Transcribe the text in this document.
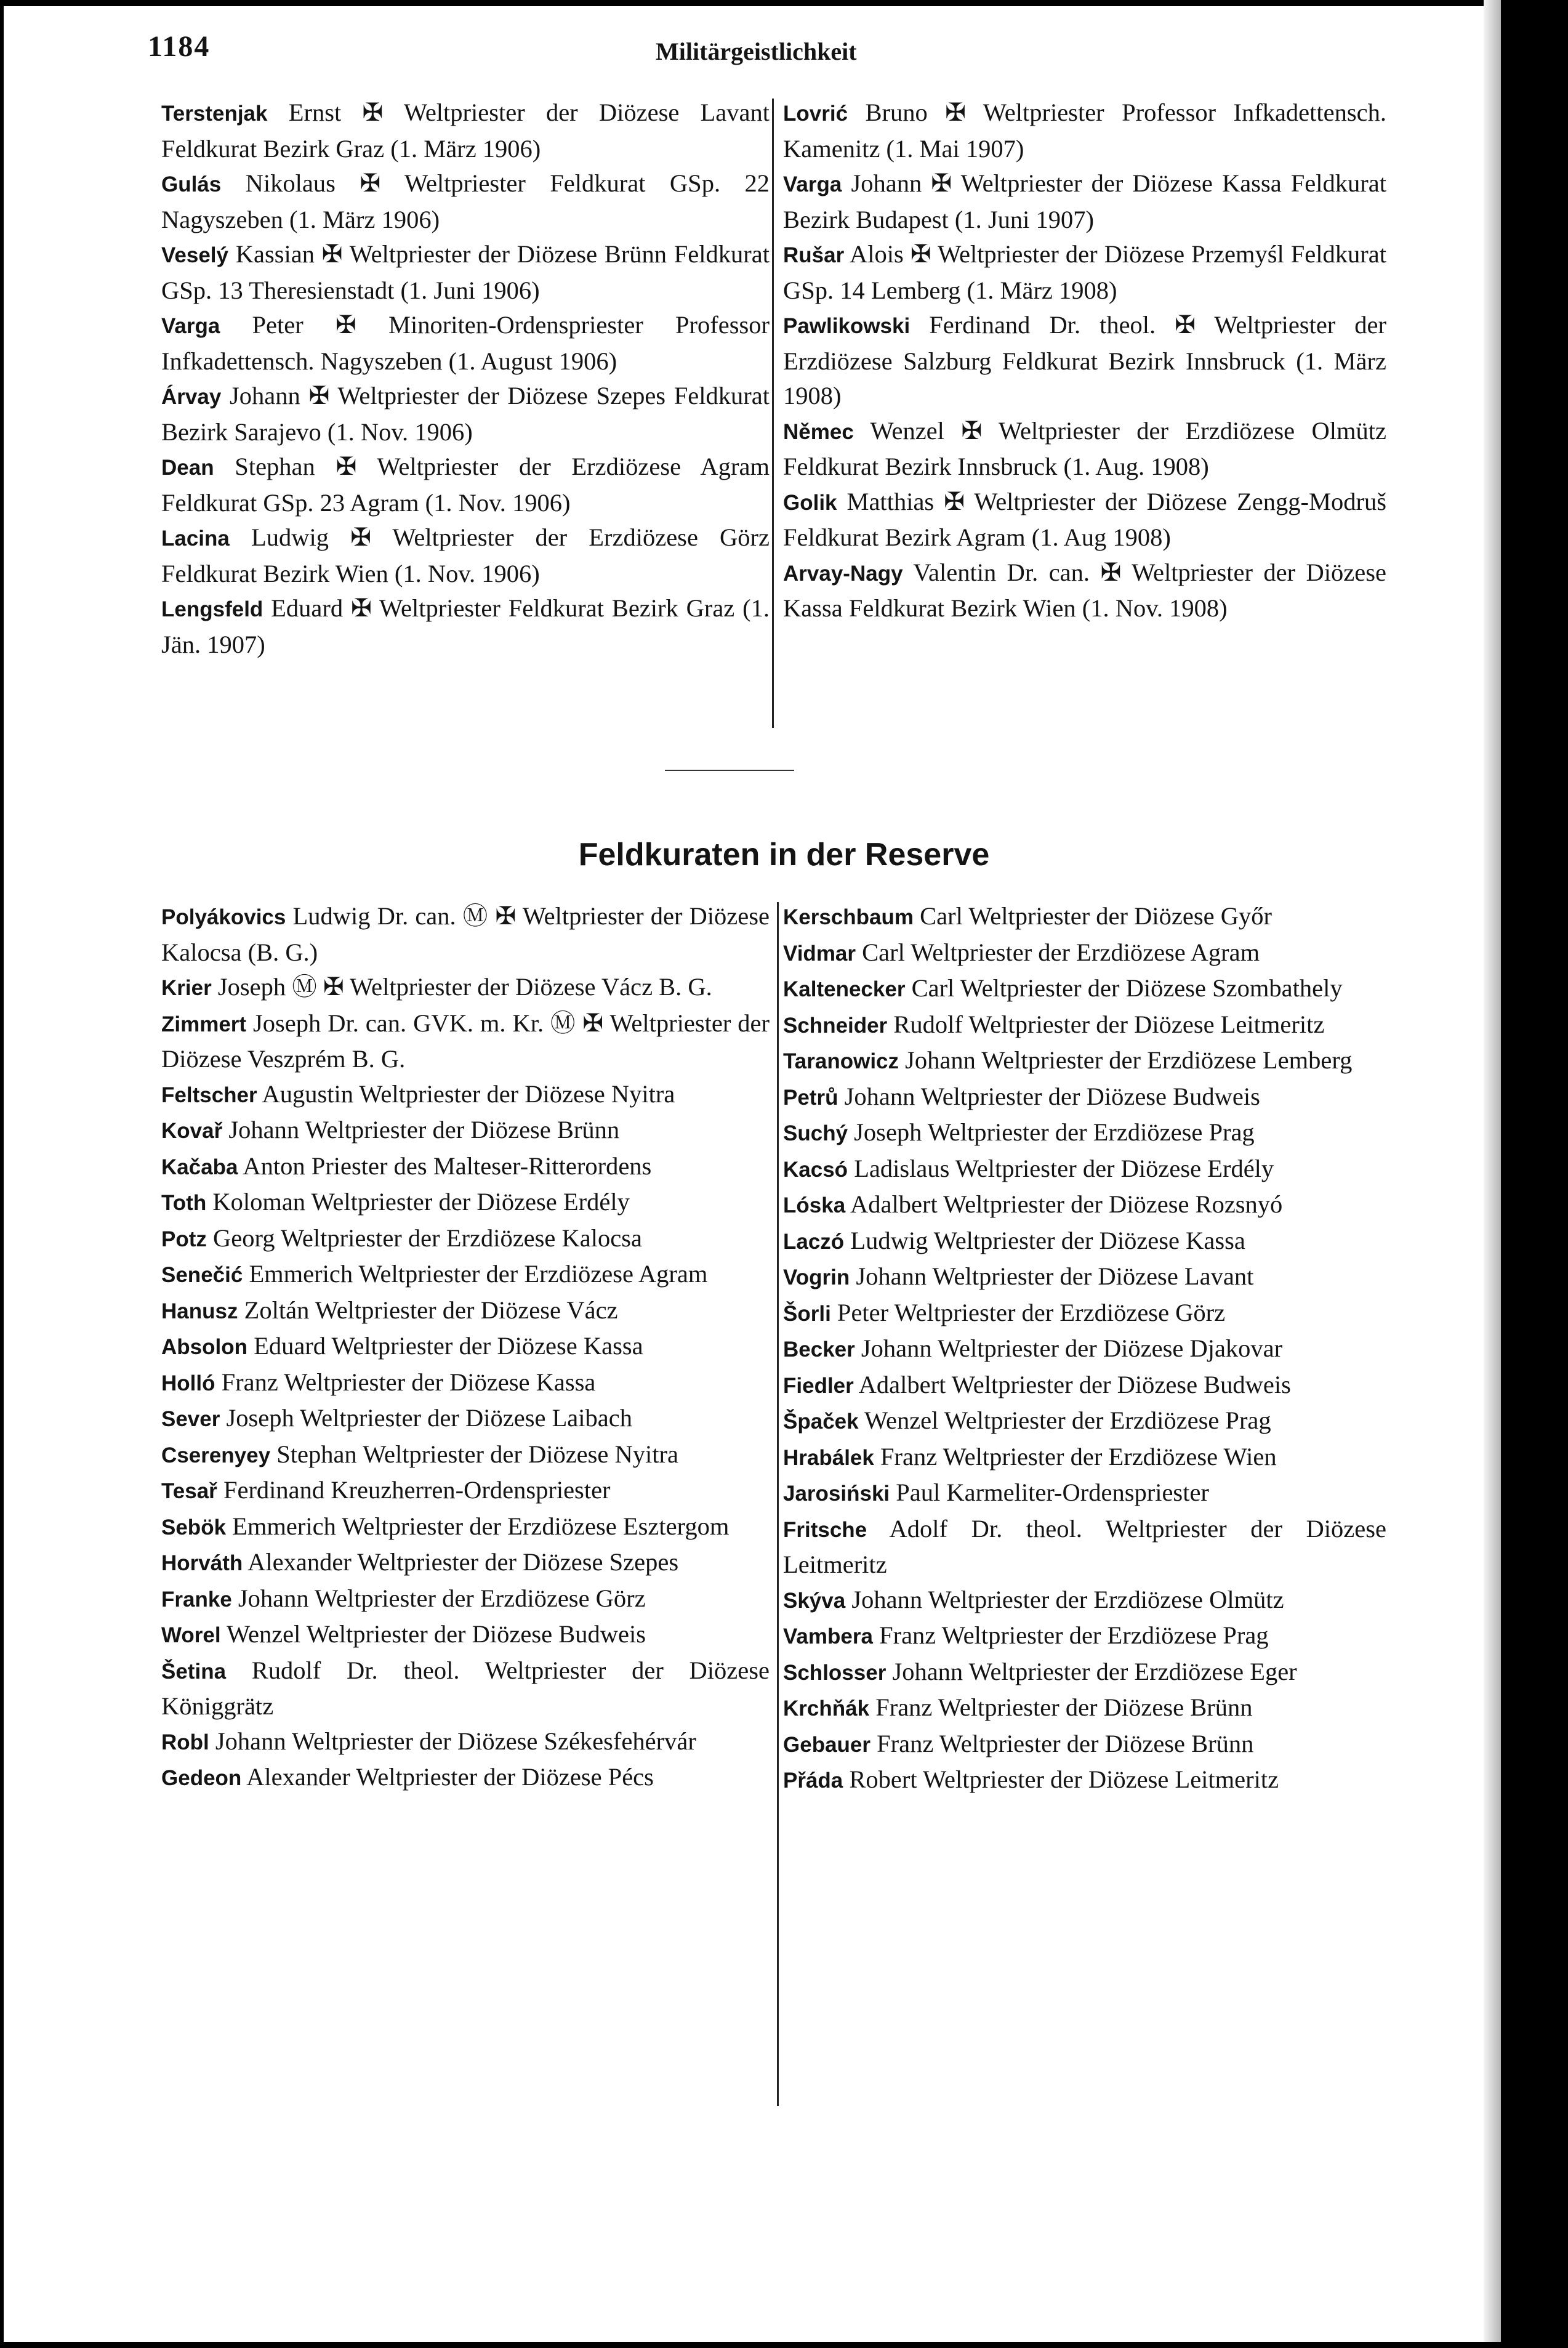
1184	Militärgeistlichkeit
Terstenjak Ernst ✠ Weltpriester der Diözese Lavant Feldkurat Bezirk Graz (1. März 1906)
Gulás Nikolaus ✠ Weltpriester Feldkurat GSp. 22 Nagyszeben (1. März 1906)
Veselý Kassian ✠ Weltpriester der Diözese Brünn Feldkurat GSp. 13 Theresienstadt (1. Juni 1906)
Varga Peter ✠ Minoriten-Ordenspriester Professor Infkadettensch. Nagyszeben (1. August 1906)
Árvay Johann ✠ Weltpriester der Diözese Szepes Feldkurat Bezirk Sarajevo (1. Nov. 1906)
Dean Stephan ✠ Weltpriester der Erzdiözese Agram Feldkurat GSp. 23 Agram (1. Nov. 1906)
Lacina Ludwig ✠ Weltpriester der Erzdiözese Görz Feldkurat Bezirk Wien (1. Nov. 1906)
Lengsfeld Eduard ✠ Weltpriester Feldkurat Bezirk Graz (1. Jän. 1907)
Lovrić Bruno ✠ Weltpriester Professor Infkadettensch. Kamenitz (1. Mai 1907)
Varga Johann ✠ Weltpriester der Diözese Kassa Feldkurat Bezirk Budapest (1. Juni 1907)
Rušar Alois ✠ Weltpriester der Diözese Przemyśl Feldkurat GSp. 14 Lemberg (1. März 1908)
Pawlikowski Ferdinand Dr. theol. ✠ Weltpriester der Erzdiözese Salzburg Feldkurat Bezirk Innsbruck (1. März 1908)
Němec Wenzel ✠ Weltpriester der Erzdiözese Olmütz Feldkurat Bezirk Innsbruck (1. Aug. 1908)
Golik Matthias ✠ Weltpriester der Diözese Zengg-Modruš Feldkurat Bezirk Agram (1. Aug 1908)
Arvay-Nagy Valentin Dr. can. ✠ Weltpriester der Diözese Kassa Feldkurat Bezirk Wien (1. Nov. 1908)
Feldkuraten in der Reserve
Polyákovics Ludwig Dr. can. Ⓜ ✠ Weltpriester der Diözese Kalocsa (B. G.)
Krier Joseph Ⓜ ✠ Weltpriester der Diözese Vácz B. G.
Zimmert Joseph Dr. can. GVK. m. Kr. Ⓜ ✠ Weltpriester der Diözese Veszprém B. G.
Feltscher Augustin Weltpriester der Diözese Nyitra
Kovař Johann Weltpriester der Diözese Brünn
Kačaba Anton Priester des Malteser-Ritterordens
Toth Koloman Weltpriester der Diözese Erdély
Potz Georg Weltpriester der Erzdiözese Kalocsa
Senečić Emmerich Weltpriester der Erzdiözese Agram
Hanusz Zoltán Weltpriester der Diözese Vácz
Absolon Eduard Weltpriester der Diözese Kassa
Holló Franz Weltpriester der Diözese Kassa
Sever Joseph Weltpriester der Diözese Laibach
Cserenyey Stephan Weltpriester der Diözese Nyitra
Tesař Ferdinand Kreuzherren-Ordenspriester
Sebök Emmerich Weltpriester der Erzdiözese Esztergom
Horváth Alexander Weltpriester der Diözese Szepes
Franke Johann Weltpriester der Erzdiözese Görz
Worel Wenzel Weltpriester der Diözese Budweis
Šetina Rudolf Dr. theol. Weltpriester der Diözese Königgrätz
Robl Johann Weltpriester der Diözese Székesfehérvár
Gedeon Alexander Weltpriester der Diözese Pécs
Kerschbaum Carl Weltpriester der Diözese Győr
Vidmar Carl Weltpriester der Erzdiözese Agram
Kaltenecker Carl Weltpriester der Diözese Szombathely
Schneider Rudolf Weltpriester der Diözese Leitmeritz
Taranowicz Johann Weltpriester der Erzdiözese Lemberg
Petrů Johann Weltpriester der Diözese Budweis
Suchý Joseph Weltpriester der Erzdiözese Prag
Kacsó Ladislaus Weltpriester der Diözese Erdély
Lóska Adalbert Weltpriester der Diözese Rozsnyó
Laczó Ludwig Weltpriester der Diözese Kassa
Vogrin Johann Weltpriester der Diözese Lavant
Šorli Peter Weltpriester der Erzdiözese Görz
Becker Johann Weltpriester der Diözese Djakovar
Fiedler Adalbert Weltpriester der Diözese Budweis
Špaček Wenzel Weltpriester der Erzdiözese Prag
Hrabálek Franz Weltpriester der Erzdiözese Wien
Jarosiński Paul Karmeliter-Ordenspriester
Fritsche Adolf Dr. theol. Weltpriester der Diözese Leitmeritz
Skýva Johann Weltpriester der Erzdiözese Olmütz
Vambera Franz Weltpriester der Erzdiözese Prag
Schlosser Johann Weltpriester der Erzdiözese Eger
Krchňák Franz Weltpriester der Diözese Brünn
Gebauer Franz Weltpriester der Diözese Brünn
Přáda Robert Weltpriester der Diözese Leitmeritz
